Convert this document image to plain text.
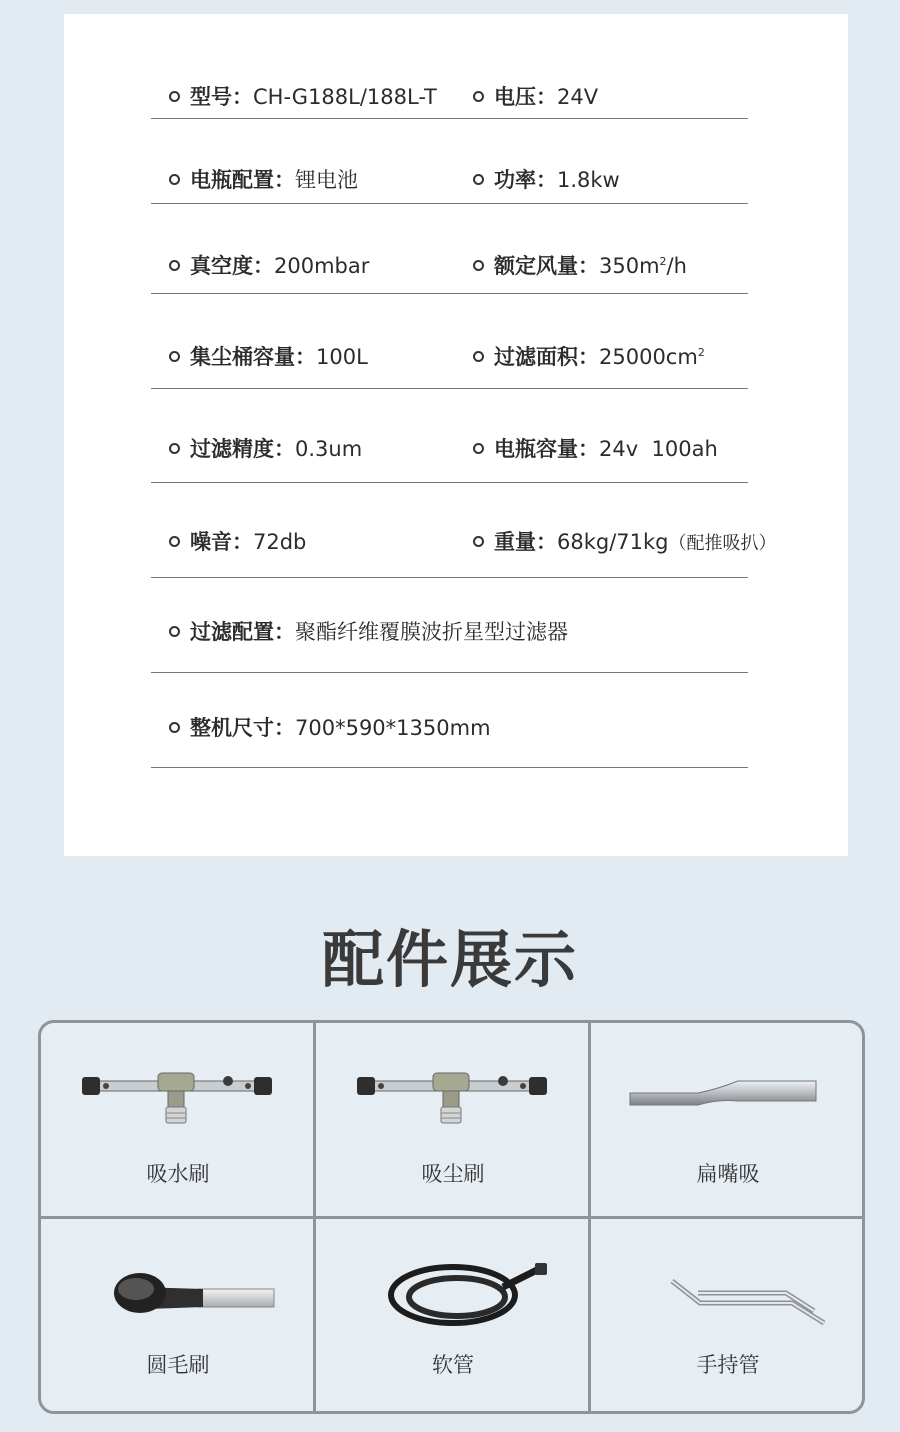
型号：CH-G188L/188L-T	电压：24V
电瓶配置：锂电池	功率：1.8kw
真空度：200mbar	额定风量：$350m^2/h$
集尘桶容量：100L	过滤面积：$25000cm^2$
过滤精度：0.3um	电瓶容量：24v  100ah
噪音：72db	重量：68kg/71kg（配推吸扒）
过滤配置：聚酯纤维覆膜波折星型过滤器
整机尺寸：700*590*1350mm
配件展示
吸水刷	吸尘刷	扁嘴吸
圆毛刷	软管	手持管
